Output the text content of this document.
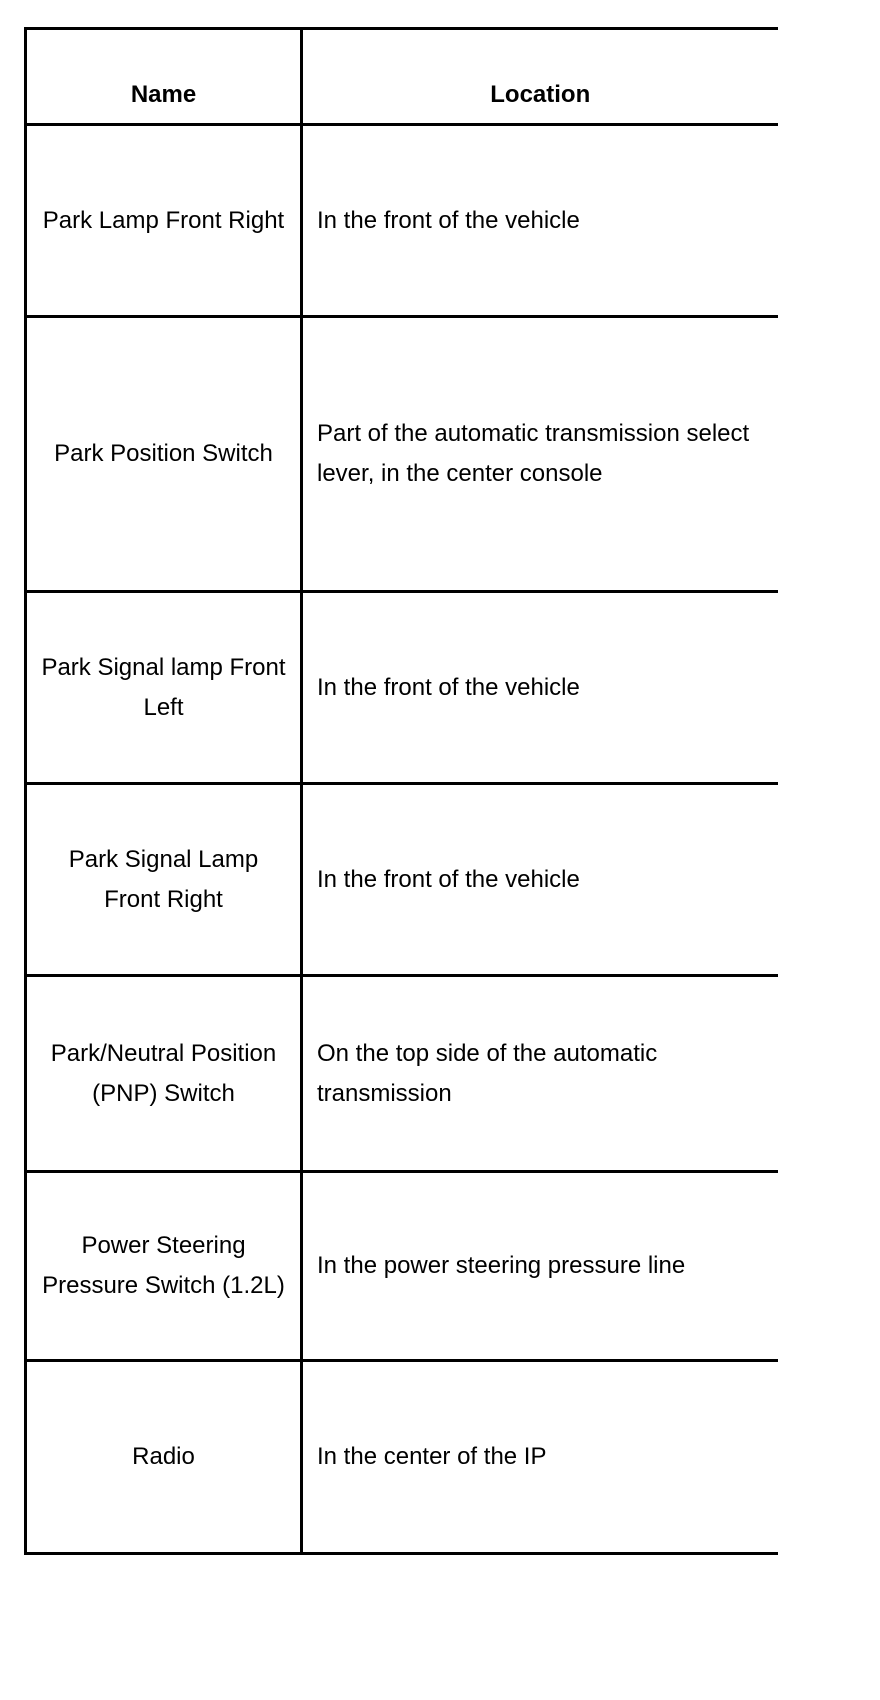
Name	Location
Park Lamp Front Right	In the front of the vehicle
Park Position Switch	Part of the automatic transmission select lever, in the center console
Park Signal lamp Front Left	In the front of the vehicle
Park Signal Lamp Front Right	In the front of the vehicle
Park/Neutral Position (PNP) Switch	On the top side of the automatic transmission
Power Steering Pressure Switch (1.2L)	In the power steering pressure line
Radio	In the center of the IP
